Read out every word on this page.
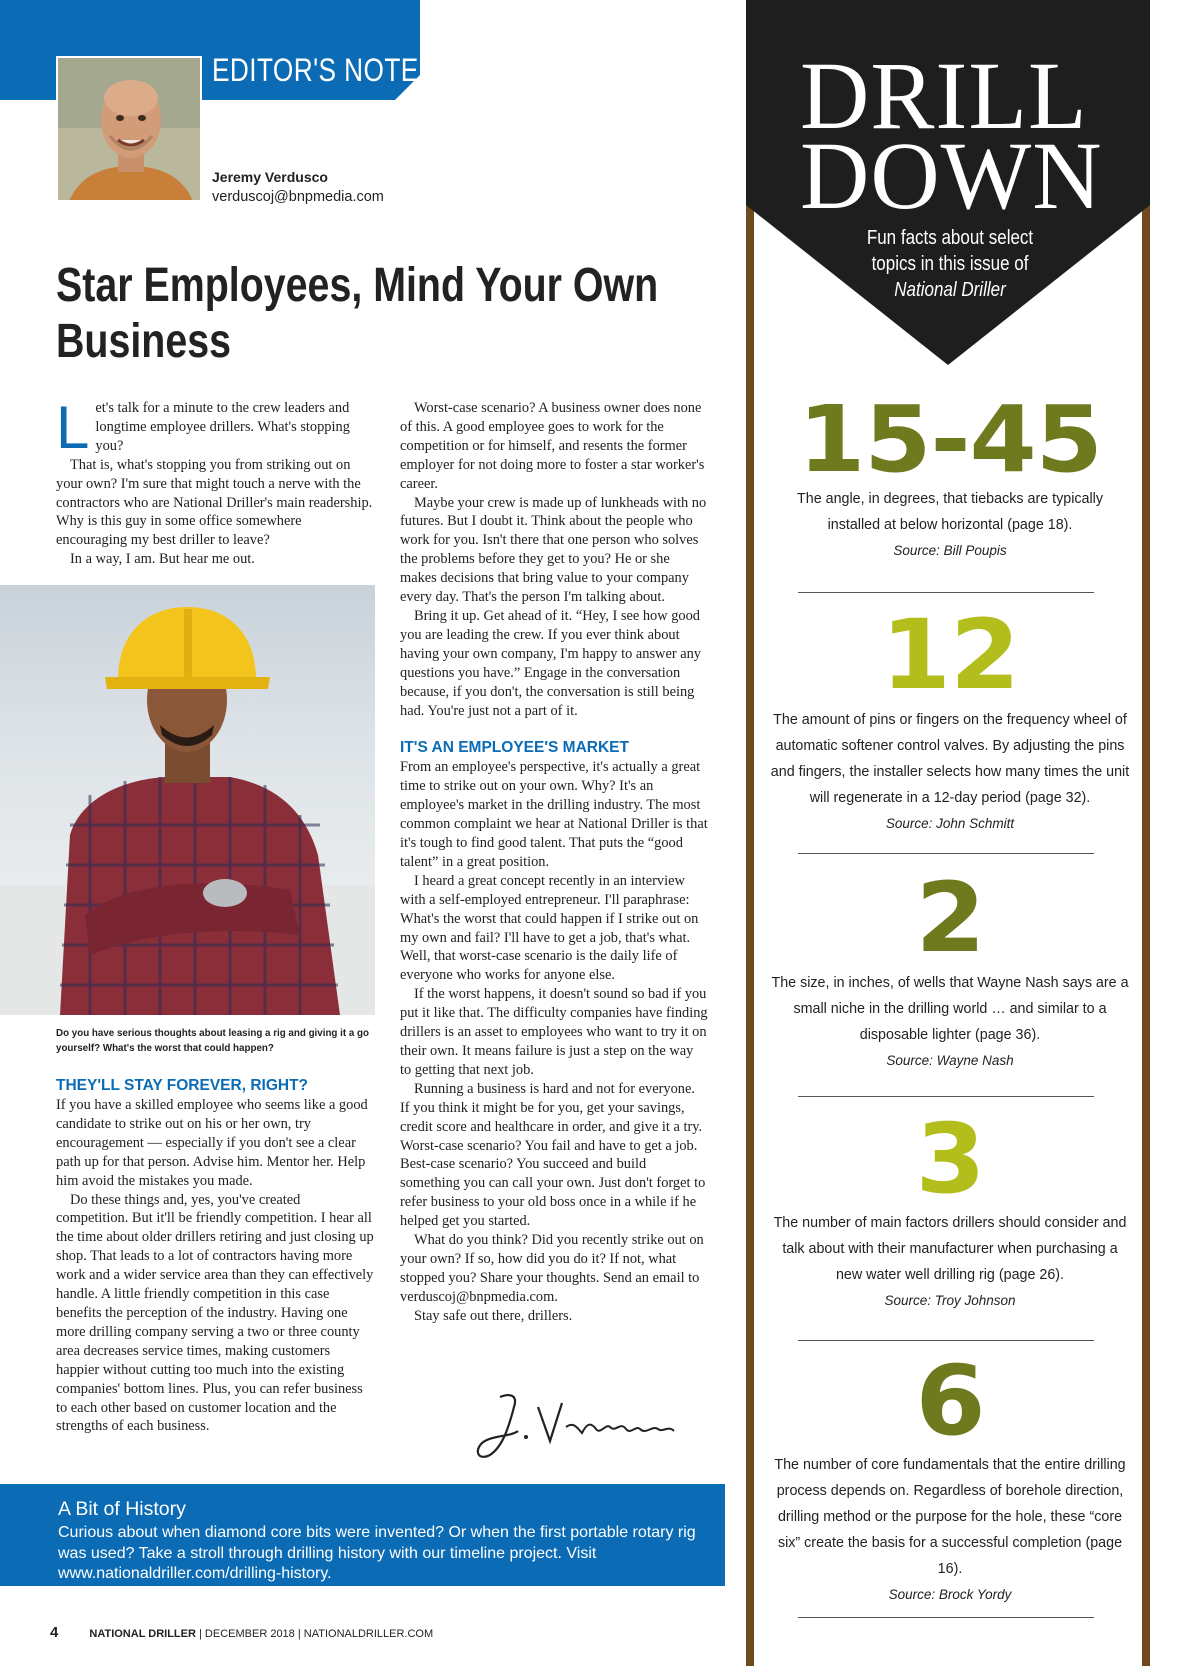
EDITOR'S NOTES
Jeremy Verdusco
verduscoj@bnpmedia.com
Star Employees, Mind Your Own Business

Let's talk for a minute to the crew leaders and longtime employee drillers. What's stopping you?

That is, what's stopping you from striking out on your own? I'm sure that might touch a nerve with the contractors who are National Driller's main readership. Why is this guy in some office somewhere encouraging my best driller to leave?

In a way, I am. But hear me out.

Do you have serious thoughts about leasing a rig and giving it a go yourself? What's the worst that could happen?
THEY'LL STAY FOREVER, RIGHT?

If you have a skilled employee who seems like a good candidate to strike out on his or her own, try encouragement — especially if you don't see a clear path up for that person. Advise him. Mentor her. Help him avoid the mistakes you made.

Do these things and, yes, you've created competition. But it'll be friendly competition. I hear all the time about older drillers retiring and just closing up shop. That leads to a lot of contractors having more work and a wider service area than they can effectively handle. A little friendly competition in this case benefits the perception of the industry. Having one more drilling company serving a two or three county area decreases service times, making customers happier without cutting too much into the existing companies' bottom lines. Plus, you can refer business to each other based on customer location and the strengths of each business.

Worst-case scenario? A business owner does none of this. A good employee goes to work for the competition or for himself, and resents the former employer for not doing more to foster a star worker's career.

Maybe your crew is made up of lunkheads with no futures. But I doubt it. Think about the people who work for you. Isn't there that one person who solves the problems before they get to you? He or she makes decisions that bring value to your company every day. That's the person I'm talking about.

Bring it up. Get ahead of it. “Hey, I see how good you are leading the crew. If you ever think about having your own company, I'm happy to answer any questions you have.” Engage in the conversation because, if you don't, the conversation is still being had. You're just not a part of it.

IT'S AN EMPLOYEE'S MARKET

From an employee's perspective, it's actually a great time to strike out on your own. Why? It's an employee's market in the drilling industry. The most common complaint we hear at National Driller is that it's tough to find good talent. That puts the “good talent” in a great position.

I heard a great concept recently in an interview with a self-employed entrepreneur. I'll paraphrase: What's the worst that could happen if I strike out on my own and fail? I'll have to get a job, that's what. Well, that worst-case scenario is the daily life of everyone who works for anyone else.

If the worst happens, it doesn't sound so bad if you put it like that. The difficulty companies have finding drillers is an asset to employees who want to try it on their own. It means failure is just a step on the way to getting that next job.

Running a business is hard and not for everyone. If you think it might be for you, get your savings, credit score and healthcare in order, and give it a try. Worst-case scenario? You fail and have to get a job. Best-case scenario? You succeed and build something you can call your own. Just don't forget to refer business to your old boss once in a while if he helped get you started.

What do you think? Did you recently strike out on your own? If so, how did you do it? If not, what stopped you? Share your thoughts. Send an email to verduscoj@bnpmedia.com.

Stay safe out there, drillers.

A Bit of History
Curious about when diamond core bits were invented? Or when the first portable rotary rig was used? Take a stroll through drilling history with our timeline project. Visit www.nationaldriller.com/drilling-history.
4	NATIONAL DRILLER | DECEMBER 2018 | NATIONALDRILLER.COM
DRILL
DOWN
Fun facts about select
topics in this issue of
National Driller
15-45
The angle, in degrees, that tiebacks are typically installed at below horizontal (page 18).
Source: Bill Poupis
12
The amount of pins or fingers on the frequency wheel of automatic softener control valves. By adjusting the pins and fingers, the installer selects how many times the unit will regenerate in a 12-day period (page 32).
Source: John Schmitt
2
The size, in inches, of wells that Wayne Nash says are a small niche in the drilling world … and similar to a disposable lighter (page 36).
Source: Wayne Nash
3
The number of main factors drillers should consider and talk about with their manufacturer when purchasing a new water well drilling rig (page 26).
Source: Troy Johnson
6
The number of core fundamentals that the entire drilling process depends on. Regardless of borehole direction, drilling method or the purpose for the hole, these “core six” create the basis for a successful completion (page 16).
Source: Brock Yordy
